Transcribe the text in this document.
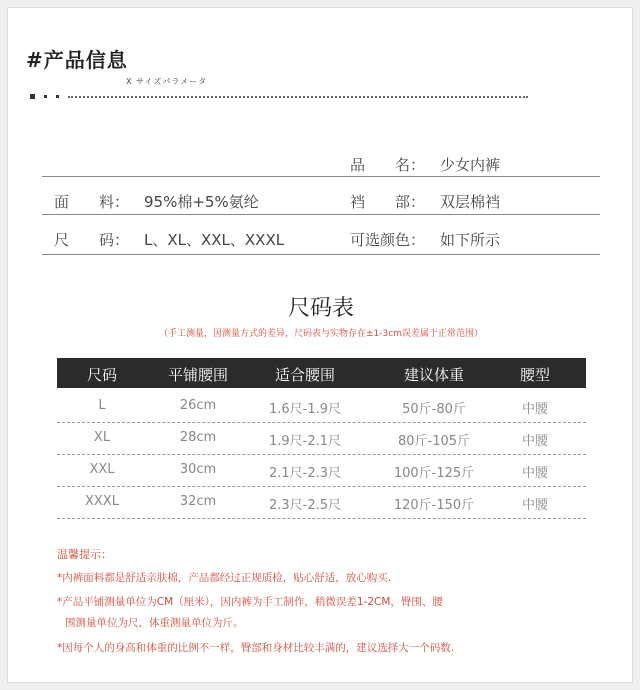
#产品信息
X サイズパラメータ
品　　名： 少女内裤
面　　料： 95%棉+5%氨纶	裆　　部： 双层棉裆
尺　　码： L、XL、XXL、XXXL	可选颜色： 如下所示
尺码表
（手工测量，因测量方式的差异，尺码表与实物存在±1-3cm误差属于正常范围）
尺码	平铺腰围	适合腰围	建议体重	腰型
L	26cm	1.6尺-1.9尺	50斤-80斤	中腰
XL	28cm	1.9尺-2.1尺	80斤-105斤	中腰
XXL	30cm	2.1尺-2.3尺	100斤-125斤	中腰
XXXL	32cm	2.3尺-2.5尺	120斤-150斤	中腰
温馨提示：
*内裤面料都是舒适亲肤棉，产品都经过正规质检，贴心舒适，放心购买.
*产品平铺测量单位为CM（厘米），因内裤为手工制作，稍微误差1-2CM，臀围、腰
围测量单位为尺，体重测量单位为斤。
*因每个人的身高和体重的比例不一样，臀部和身材比较丰满的，建议选择大一个码数.
